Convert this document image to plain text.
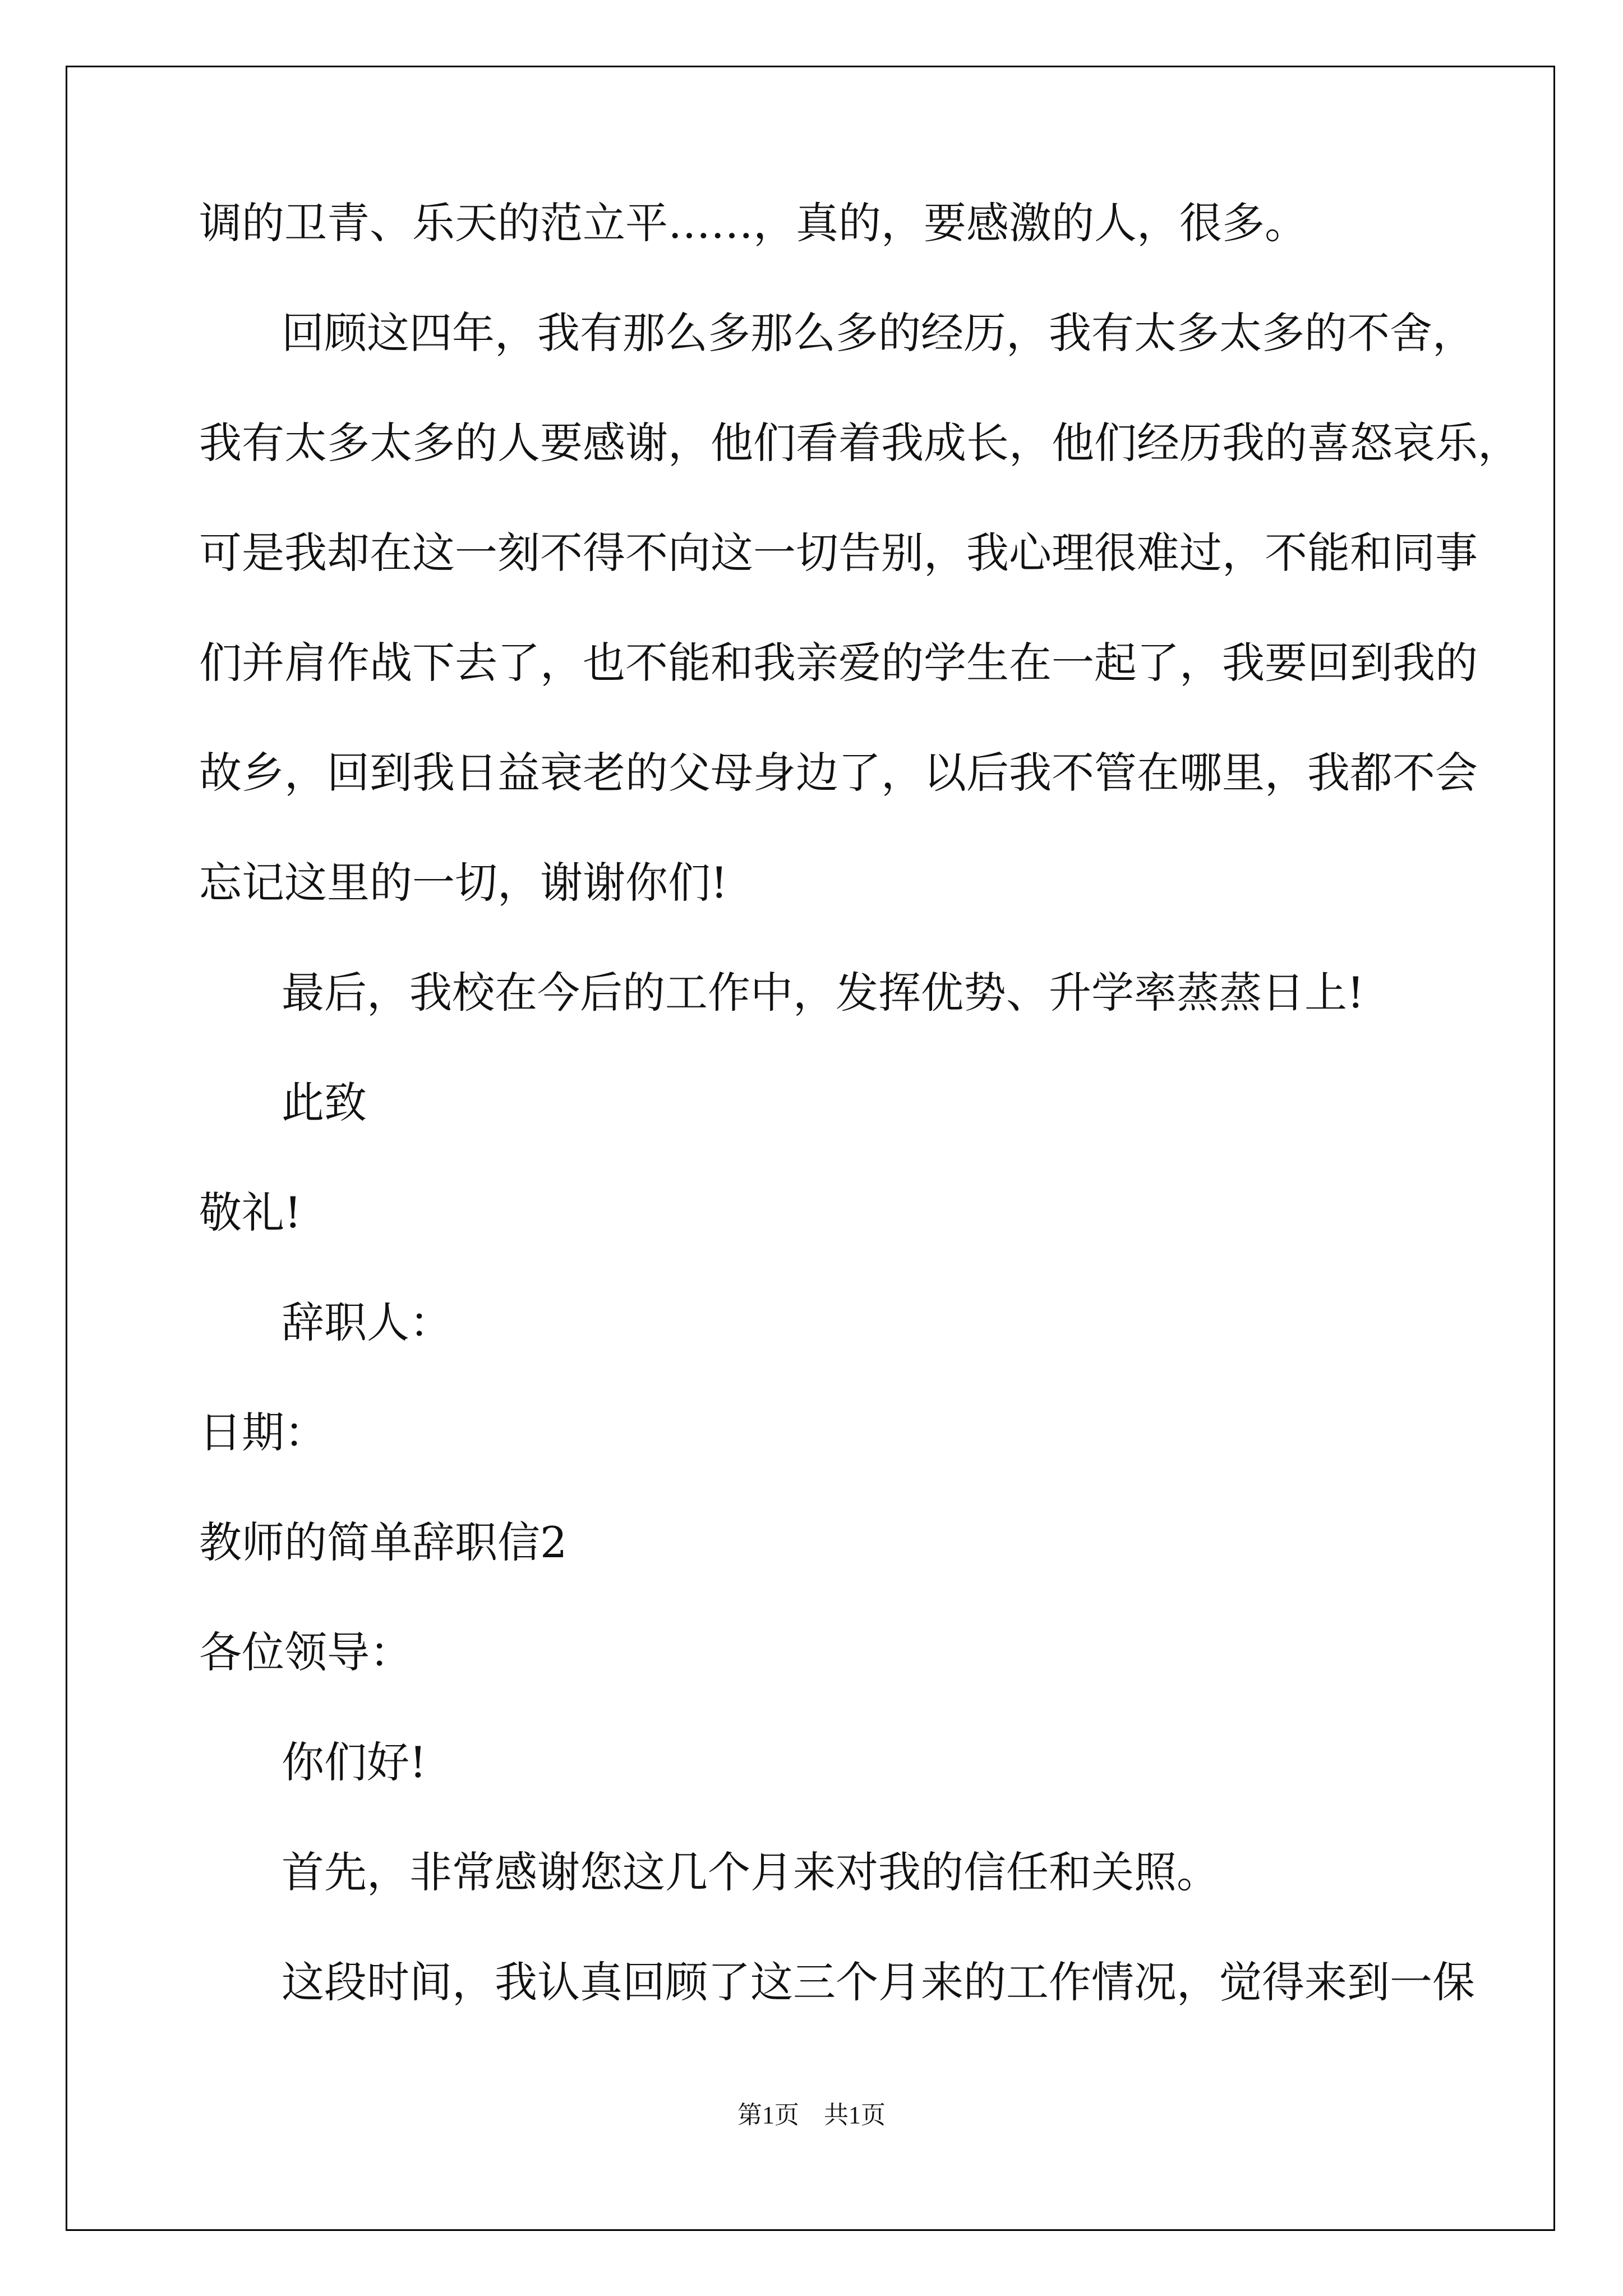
调的卫青、乐天的范立平……，真的，要感激的人，很多。
回顾这四年，我有那么多那么多的经历，我有太多太多的不舍，
我有太多太多的人要感谢，他们看着我成长，他们经历我的喜怒哀乐，
可是我却在这一刻不得不向这一切告别，我心理很难过，不能和同事
们并肩作战下去了，也不能和我亲爱的学生在一起了，我要回到我的
故乡，回到我日益衰老的父母身边了，以后我不管在哪里，我都不会
忘记这里的一切，谢谢你们!
最后，我校在今后的工作中，发挥优势、升学率蒸蒸日上!
此致
敬礼!
辞职人：
日期：
教师的简单辞职信2
各位领导：
你们好!
首先，非常感谢您这几个月来对我的信任和关照。
这段时间，我认真回顾了这三个月来的工作情况，觉得来到一保
第1页　共1页
